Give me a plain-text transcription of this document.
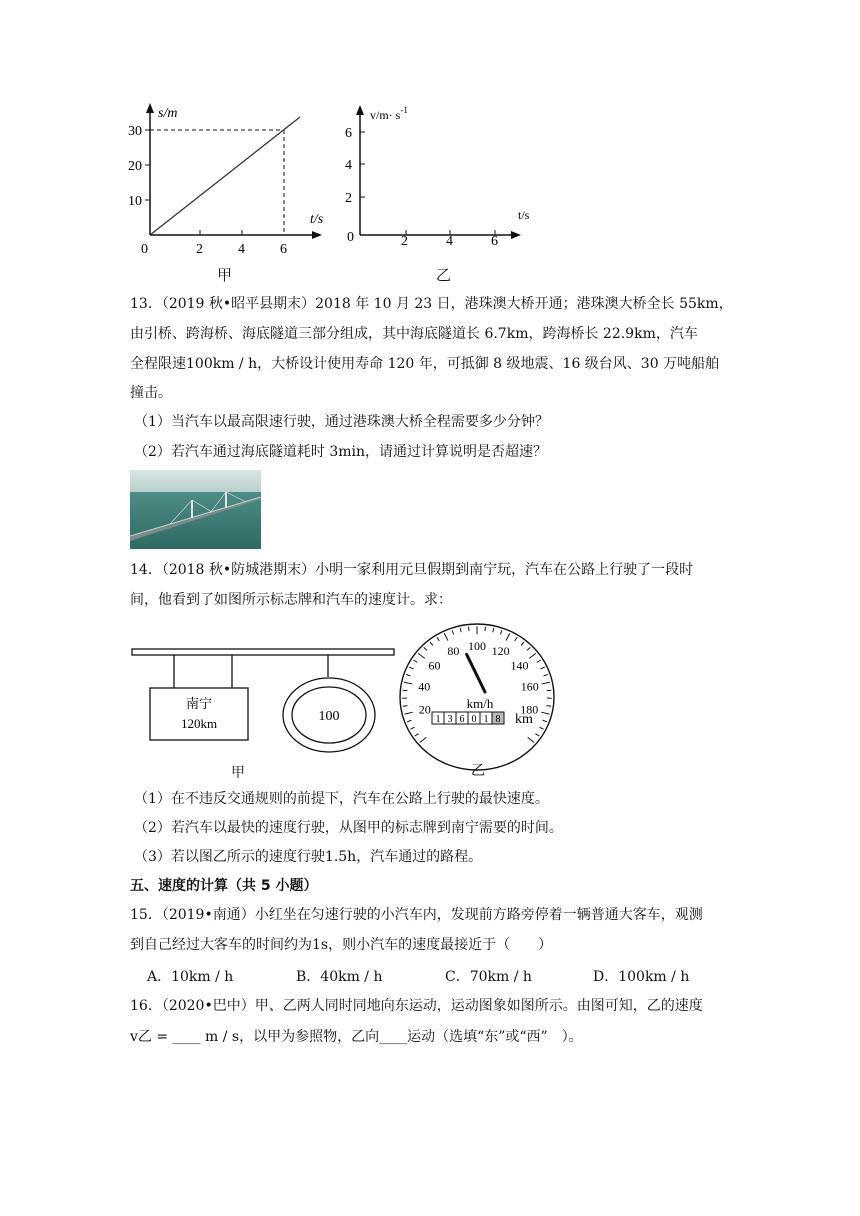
s/m
t/s
30
20
10
0	2	4	6
甲
$v/m\cdot s^{-1}$
t/s
6
4
2
0	2	4	6
乙
13．（2019 秋•昭平县期末）2018 年 10 月 23 日，港珠澳大桥开通；港珠澳大桥全长 55km，
由引桥、跨海桥、海底隧道三部分组成，其中海底隧道长 6.7km，跨海桥长 22.9km，汽车
全程限速100km / h，大桥设计使用寿命 120 年，可抵御 8 级地震、16 级台风、30 万吨船舶
撞击。
（1）当汽车以最高限速行驶，通过港珠澳大桥全程需要多少分钟？
（2）若汽车通过海底隧道耗时 3min，请通过计算说明是否超速？
14．（2018 秋•防城港期末）小明一家利用元旦假期到南宁玩，汽车在公路上行驶了一段时
间，他看到了如图所示标志牌和汽车的速度计。求：
南宁
120km	100
甲
20
40
60
80 100 120
140
160
180
km/h
1 3 6 0 1 8 km
乙
（1）在不违反交通规则的前提下，汽车在公路上行驶的最快速度。
（2）若汽车以最快的速度行驶，从图甲的标志牌到南宁需要的时间。
（3）若以图乙所示的速度行驶1.5h，汽车通过的路程。
五、速度的计算（共 5 小题）
15．（2019•南通）小红坐在匀速行驶的小汽车内，发现前方路旁停着一辆普通大客车，观测
到自己经过大客车的时间约为1s，则小汽车的速度最接近于（　　）
A．10km / h	B．40km / h	C．70km / h	D．100km / h
16．（2020•巴中）甲、乙两人同时同地向东运动，运动图象如图所示。由图可知，乙的速度
v乙 = ____ m / s，以甲为参照物，乙向____运动（选填“东”或“西”　）。
